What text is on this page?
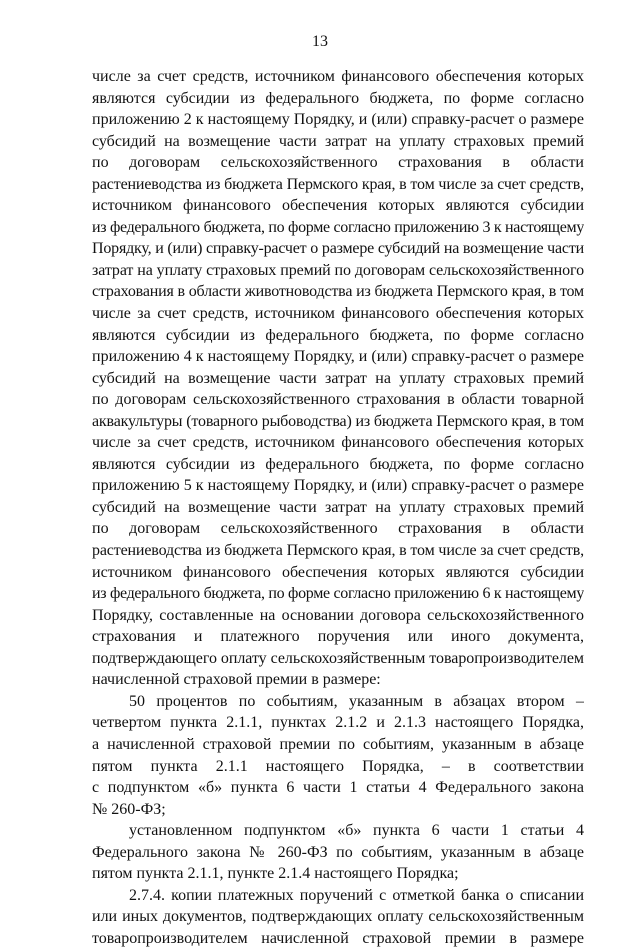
13
числе за счет средств, источником финансового обеспечения которых
являются субсидии из федерального бюджета, по форме согласно
приложению 2 к настоящему Порядку, и (или) справку-расчет о размере
субсидий на возмещение части затрат на уплату страховых премий
по договорам сельскохозяйственного страхования в области
растениеводства из бюджета Пермского края, в том числе за счет средств,
источником финансового обеспечения которых являются субсидии
из федерального бюджета, по форме согласно приложению 3 к настоящему
Порядку, и (или) справку-расчет о размере субсидий на возмещение части
затрат на уплату страховых премий по договорам сельскохозяйственного
страхования в области животноводства из бюджета Пермского края, в том
числе за счет средств, источником финансового обеспечения которых
являются субсидии из федерального бюджета, по форме согласно
приложению 4 к настоящему Порядку, и (или) справку-расчет о размере
субсидий на возмещение части затрат на уплату страховых премий
по договорам сельскохозяйственного страхования в области товарной
аквакультуры (товарного рыбоводства) из бюджета Пермского края, в том
числе за счет средств, источником финансового обеспечения которых
являются субсидии из федерального бюджета, по форме согласно
приложению 5 к настоящему Порядку, и (или) справку-расчет о размере
субсидий на возмещение части затрат на уплату страховых премий
по договорам сельскохозяйственного страхования в области
растениеводства из бюджета Пермского края, в том числе за счет средств,
источником финансового обеспечения которых являются субсидии
из федерального бюджета, по форме согласно приложению 6 к настоящему
Порядку, составленные на основании договора сельскохозяйственного
страхования и платежного поручения или иного документа,
подтверждающего оплату сельскохозяйственным товаропроизводителем
начисленной страховой премии в размере:
50 процентов по событиям, указанным в абзацах втором –
четвертом пункта 2.1.1, пунктах 2.1.2 и 2.1.3 настоящего Порядка,
а начисленной страховой премии по событиям, указанным в абзаце
пятом пункта 2.1.1 настоящего Порядка, – в соответствии
с подпунктом «б» пункта 6 части 1 статьи 4 Федерального закона
№ 260-ФЗ;
установленном подпунктом «б» пункта 6 части 1 статьи 4
Федерального закона № 260-ФЗ по событиям, указанным в абзаце
пятом пункта 2.1.1, пункте 2.1.4 настоящего Порядка;
2.7.4. копии платежных поручений с отметкой банка о списании
или иных документов, подтверждающих оплату сельскохозяйственным
товаропроизводителем начисленной страховой премии в размере
